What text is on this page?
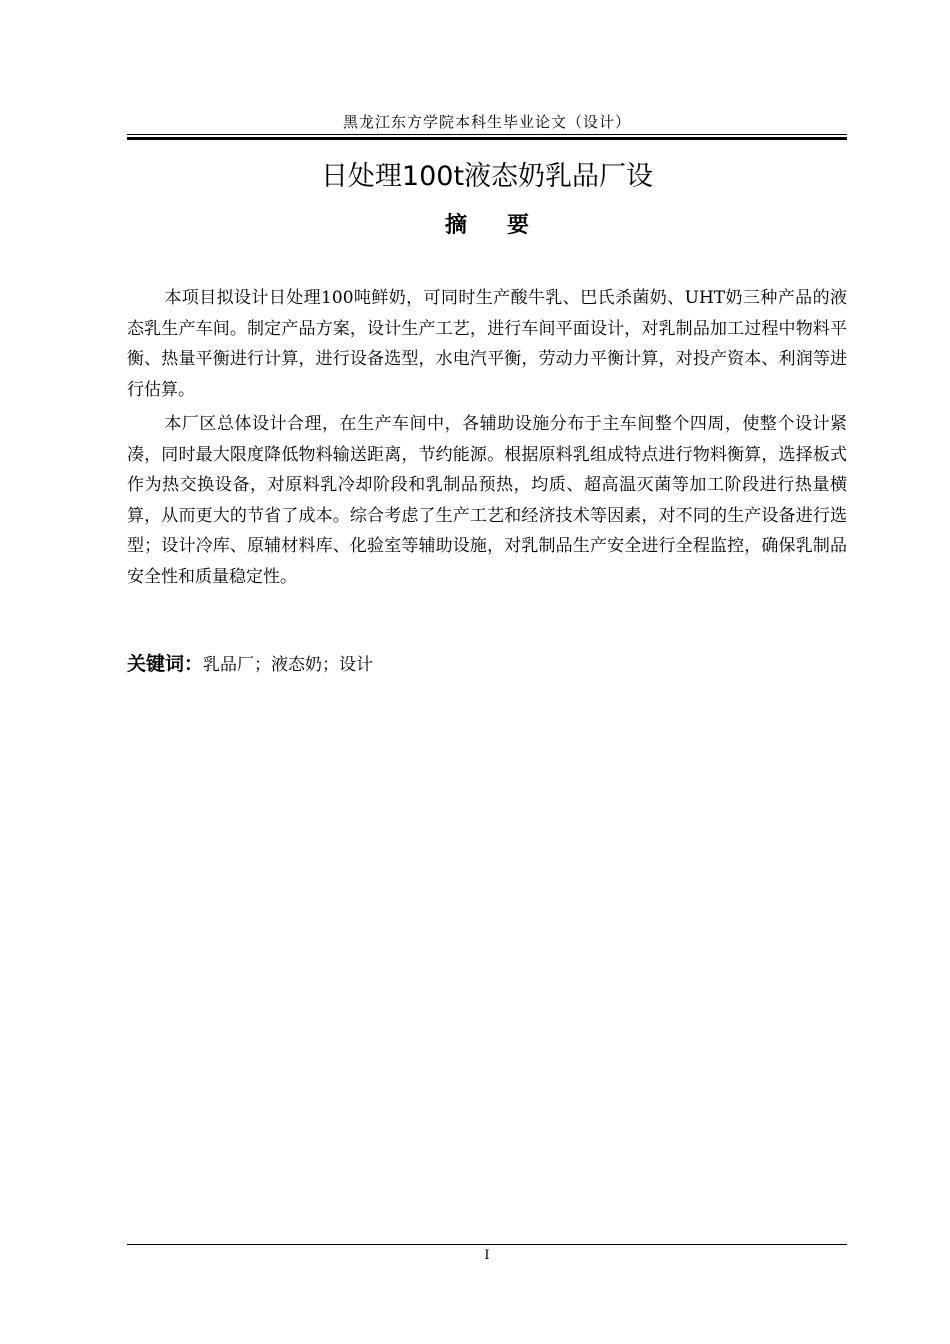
黑龙江东方学院本科生毕业论文（设计）
日处理100t液态奶乳品厂设
摘要

本项目拟设计日处理100吨鲜奶，可同时生产酸牛乳、巴氏杀菌奶、UHT奶三种产品的液态乳生产车间。制定产品方案，设计生产工艺，进行车间平面设计，对乳制品加工过程中物料平衡、热量平衡进行计算，进行设备选型，水电汽平衡，劳动力平衡计算，对投产资本、利润等进行估算。

本厂区总体设计合理，在生产车间中，各辅助设施分布于主车间整个四周，使整个设计紧凑，同时最大限度降低物料输送距离，节约能源。根据原料乳组成特点进行物料衡算，选择板式作为热交换设备，对原料乳冷却阶段和乳制品预热，均质、超高温灭菌等加工阶段进行热量横算，从而更大的节省了成本。综合考虑了生产工艺和经济技术等因素，对不同的生产设备进行选型；设计冷库、原辅材料库、化验室等辅助设施，对乳制品生产安全进行全程监控，确保乳制品安全性和质量稳定性。

关键词：乳品厂；液态奶；设计
I
